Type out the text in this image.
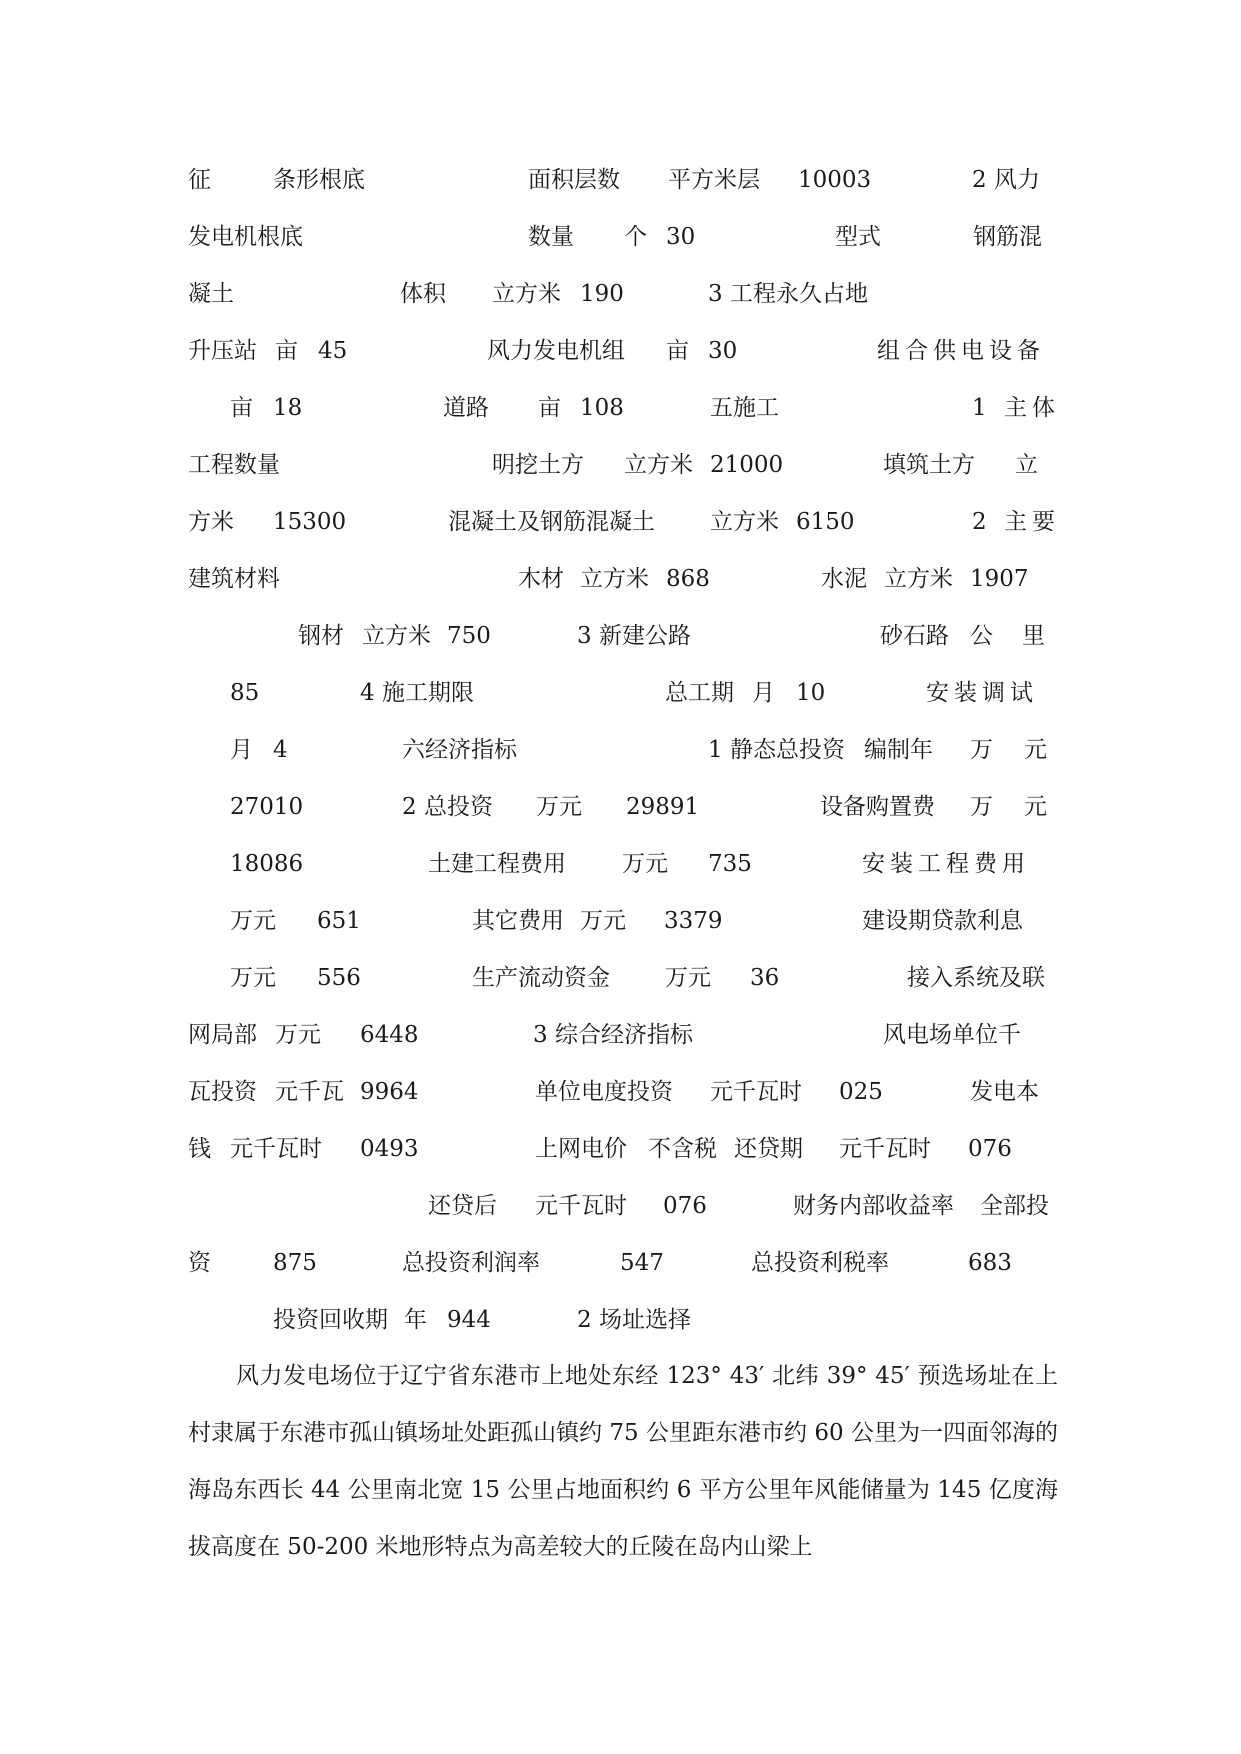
征	条形根底	面积层数 平方米层 10003	2 风力
发电机根底	数量 个 30	型式	钢筋混
凝土	体积 立方米 190	3 工程永久占地
升压站 亩 45	风力发电机组 亩 30	组合供电设备
亩 18	道路 亩 108	五施工	1 主体
工程数量	明挖土方 立方米 21000	填筑土方 立
方米 15300	混凝土及钢筋混凝土 立方米 6150	2 主要
建筑材料	木材 立方米 868	水泥 立方米 1907
钢材 立方米 750	3 新建公路	砂石路 公 里
85	4 施工期限	总工期 月 10	安装调试
月 4	六经济指标	1 静态总投资 编制年 万 元
27010	2 总投资 万元 29891	设备购置费 万 元
18086	土建工程费用 万元 735	安装工程费用
万元 651	其它费用 万元 3379	建设期贷款利息
万元 556	生产流动资金 万元 36	接入系统及联
网局部 万元 6448	3 综合经济指标	风电场单位千
瓦投资 元千瓦 9964	单位电度投资 元千瓦时 025	发电本
钱 元千瓦时 0493	上网电价 不含税 还贷期 元千瓦时 076
还贷后 元千瓦时 076	财务内部收益率 全部投
资	875	总投资利润率	547	总投资利税率	683
投资回收期 年 944	2 场址选择

风力发电场位于辽宁省东港市上地处东经 123° 43′ 北纬 39° 45′ 预选场址在上村隶属于东港市孤山镇场址处距孤山镇约 75 公里距东港市约 60 公里为一四面邻海的海岛东西长 44 公里南北宽 15 公里占地面积约 6 平方公里年风能储量为 145 亿度海拔高度在 50-200 米地形特点为高差较大的丘陵在岛内山梁上
